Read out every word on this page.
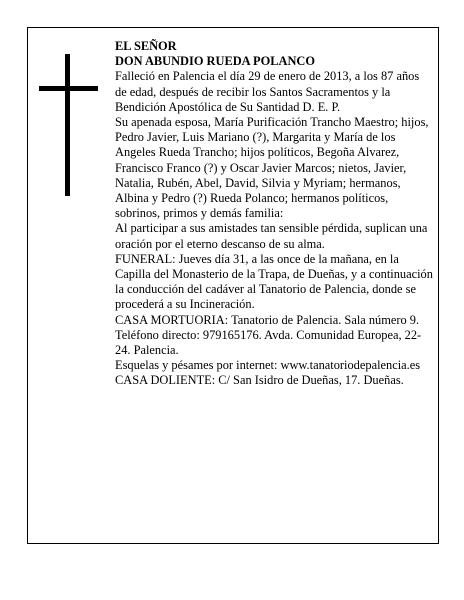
EL SEÑOR

DON ABUNDIO RUEDA POLANCO

Falleció en Palencia el día 29 de enero de 2013, a los 87 años de edad, después de recibir los Santos Sacramentos y la Bendición Apostólica de Su Santidad D. E. P.

Su apenada esposa, María Purificación Trancho Maestro; hijos, Pedro Javier, Luis Mariano (?), Margarita y María de los Angeles Rueda Trancho; hijos políticos, Begoña Alvarez, Francisco Franco (?) y Oscar Javier Marcos; nietos, Javier, Natalia, Rubén, Abel, David, Silvia y Myriam; hermanos, Albina y Pedro (?) Rueda Polanco; hermanos políticos, sobrinos, primos y demás familia:

Al participar a sus amistades tan sensible pérdida, suplican una oración por el eterno descanso de su alma.

FUNERAL: Jueves día 31, a las once de la mañana, en la Capilla del Monasterio de la Trapa, de Dueñas, y a continuación la conducción del cadáver al Tanatorio de Palencia, donde se procederá a su Incineración.

CASA MORTUORIA: Tanatorio de Palencia. Sala número 9. Teléfono directo: 979165176. Avda. Comunidad Europea, 22-24. Palencia.

Esquelas y pésames por internet: www.tanatoriodepalencia.es

CASA DOLIENTE: C/ San Isidro de Dueñas, 17. Dueñas.
